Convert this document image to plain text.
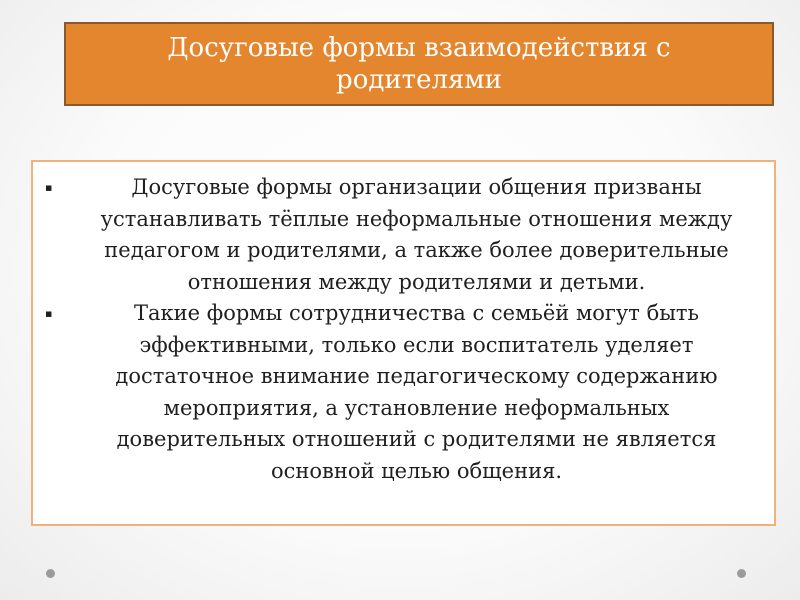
Досуговые формы взаимодействия с родителями

▪	Досуговые формы организации общения призваны устанавливать тёплые неформальные отношения между педагогом и родителями, а также более доверительные отношения между родителями и детьми.

▪	Такие формы сотрудничества с семьёй могут быть эффективными, только если воспитатель уделяет достаточное внимание педагогическому содержанию мероприятия, а установление неформальных доверительных отношений с родителями не является основной целью общения.
